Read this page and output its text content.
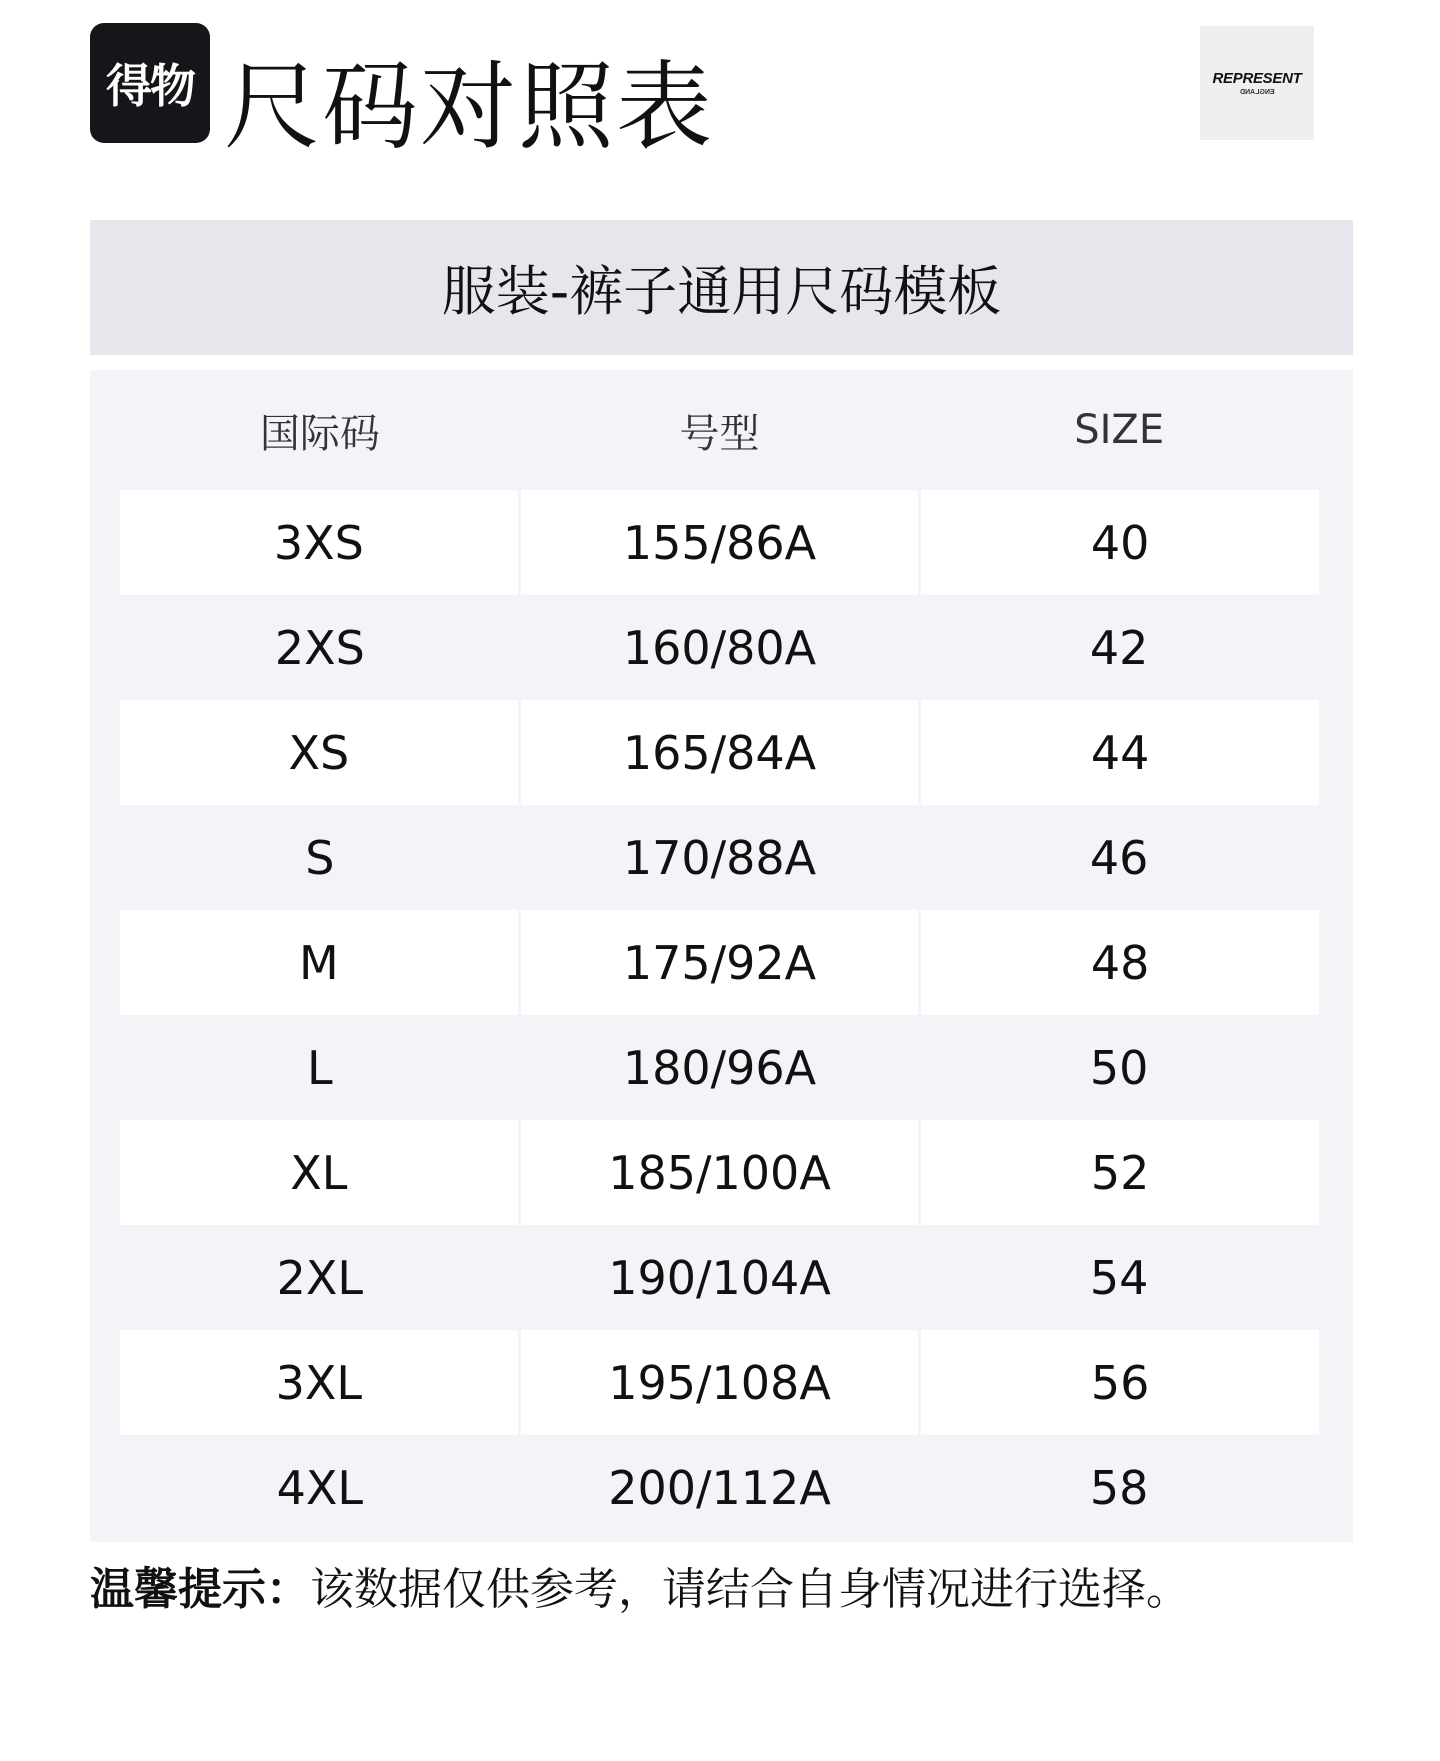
得物 尺码对照表	REPRESENT
ENGLAND
服装-裤子通用尺码模板
国际码	号型	SIZE
3XS	155/86A	40
2XS	160/80A	42
XS	165/84A	44
S	170/88A	46
M	175/92A	48
L	180/96A	50
XL	185/100A	52
2XL	190/104A	54
3XL	195/108A	56
4XL	200/112A	58
温馨提示：该数据仅供参考，请结合自身情况进行选择。
